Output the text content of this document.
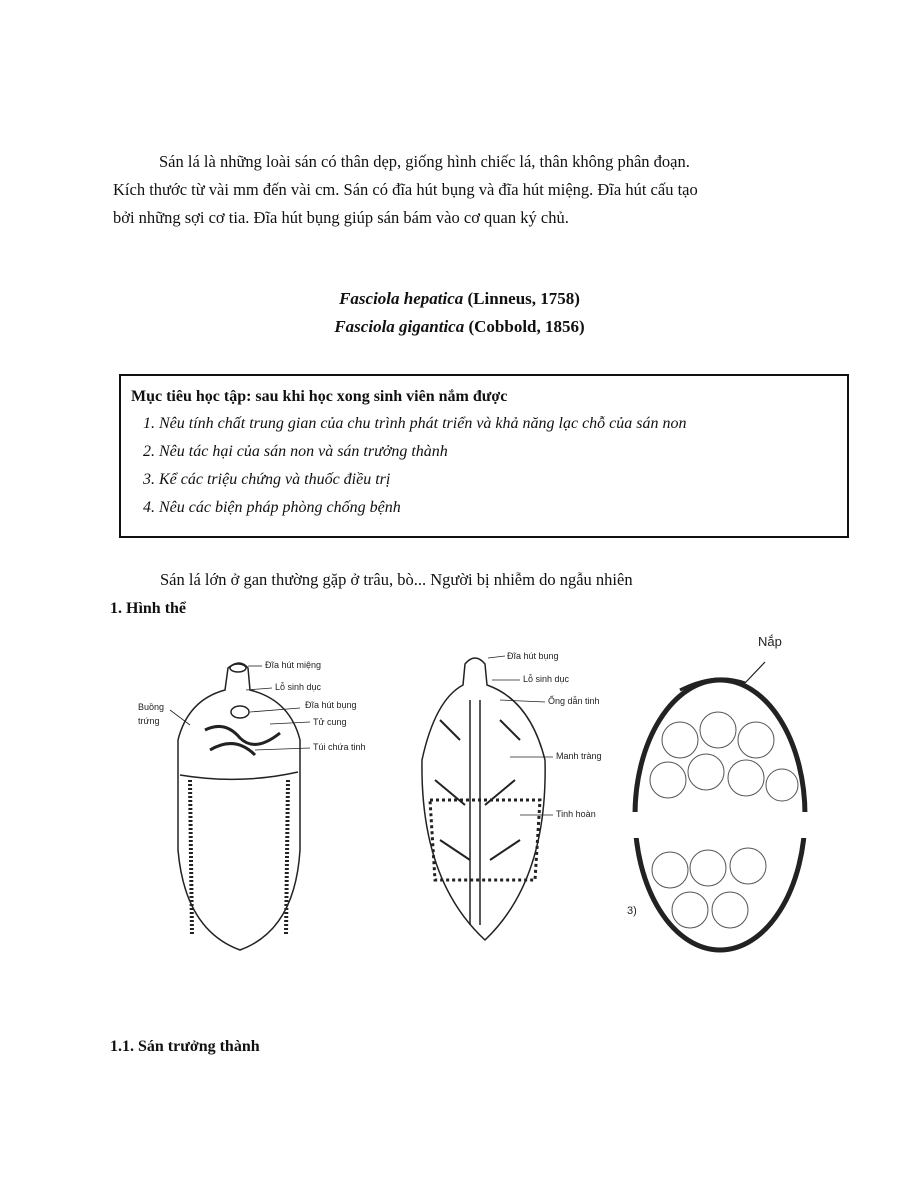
Sán lá là những loài sán có thân dẹp, giống hình chiếc lá, thân không phân đoạn.
Kích thước từ vài mm đến vài cm. Sán có đĩa hút bụng và đĩa hút miệng. Đĩa hút cấu tạo
bởi những sợi cơ tia. Đĩa hút bụng giúp sán bám vào cơ quan ký chủ.
Fasciola hepatica (Linneus, 1758)
Fasciola gigantica (Cobbold, 1856)
Mục tiêu học tập: sau khi học xong sinh viên nắm được
1. Nêu tính chất trung gian của chu trình phát triển và khả năng lạc chỗ của sán non
2. Nêu tác hại của sán non và sán trưởng thành
3. Kể các triệu chứng và thuốc điều trị
4. Nêu các biện pháp phòng chống bệnh
Sán lá lớn ở gan thường gặp ở trâu, bò... Người bị nhiễm do ngẫu nhiên
1. Hình thể
Đĩa hút miệng
Lỗ sinh dục
Đĩa hút bụng
Tử cung
Túi chứa tinh
Buồng
trứng
Đĩa hút bụng
Lỗ sinh dục
Ống dẫn tinh
Manh tràng
Tinh hoàn
Nắp
3)
1.1. Sán trưởng thành
